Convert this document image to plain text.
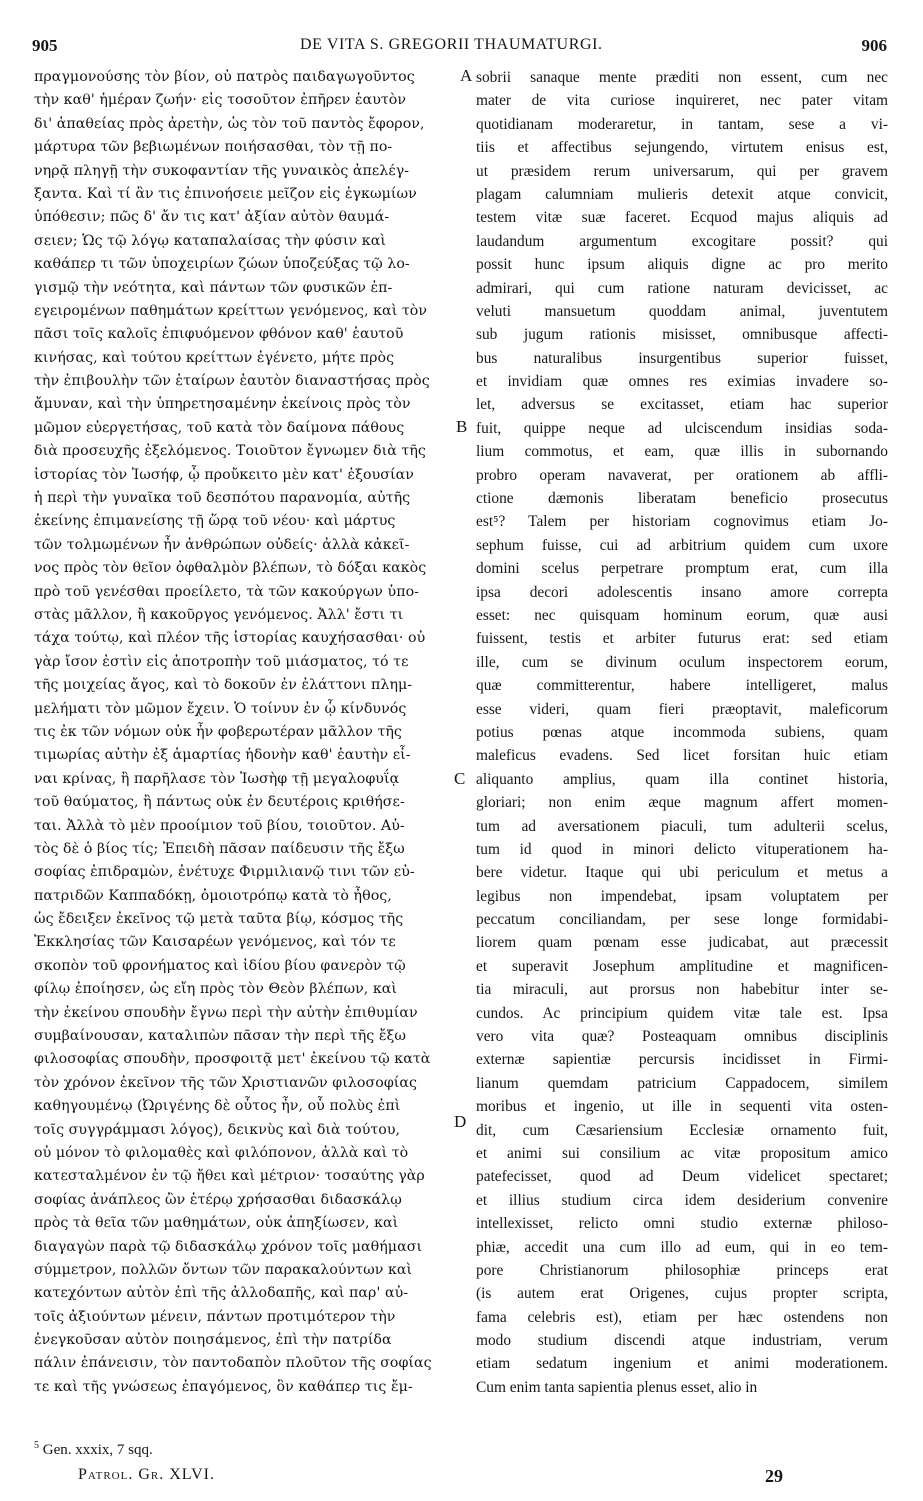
905	DE VITA S. GREGORII THAUMATURGI.	906
πραγμονούσης τὸν βίον, οὐ πατρὸς παιδαγωγοῦντος
τὴν καθ' ἡμέραν ζωήν· εἰς τοσοῦτον ἐπῆρεν ἑαυτὸν
δι' ἀπαθείας πρὸς ἀρετὴν, ὡς τὸν τοῦ παντὸς ἔφορον,
μάρτυρα τῶν βεβιωμένων ποιήσασθαι, τὸν τῇ πο-
νηρᾷ πληγῇ τὴν συκοφαντίαν τῆς γυναικὸς ἀπελέγ-
ξαντα. Καὶ τί ἂν τις ἐπινοήσειε μεῖζον εἰς ἐγκωμίων
ὑπόθεσιν; πῶς δ' ἄν τις κατ' ἀξίαν αὐτὸν θαυμά-
σειεν; Ὡς τῷ λόγῳ καταπαλαίσας τὴν φύσιν καὶ
καθάπερ τι τῶν ὑποχειρίων ζώων ὑποζεύξας τῷ λο-
γισμῷ τὴν νεότητα, καὶ πάντων τῶν φυσικῶν ἐπ-
εγειρομένων παθημάτων κρείττων γενόμενος, καὶ τὸν
πᾶσι τοῖς καλοῖς ἐπιφυόμενον φθόνον καθ' ἑαυτοῦ
κινήσας, καὶ τούτου κρείττων ἐγένετο, μήτε πρὸς
τὴν ἐπιβουλὴν τῶν ἑταίρων ἑαυτὸν διαναστήσας πρὸς
ἄμυναν, καὶ τὴν ὑπηρετησαμένην ἐκείνοις πρὸς τὸν
μῶμον εὐεργετήσας, τοῦ κατὰ τὸν δαίμονα πάθους
διὰ προσευχῆς ἐξελόμενος. Τοιοῦτον ἔγνωμεν διὰ τῆς
ἱστορίας τὸν Ἰωσήφ, ᾧ προὔκειτο μὲν κατ' ἐξουσίαν
ἡ περὶ τὴν γυναῖκα τοῦ δεσπότου παρανομία, αὐτῆς
ἐκείνης ἐπιμανείσης τῇ ὥρᾳ τοῦ νέου· καὶ μάρτυς
τῶν τολμωμένων ἦν ἀνθρώπων οὐδείς· ἀλλὰ κἀκεῖ-
νος πρὸς τὸν θεῖον ὀφθαλμὸν βλέπων, τὸ δόξαι κακὸς
πρὸ τοῦ γενέσθαι προείλετο, τὰ τῶν κακούργων ὑπο-
στὰς μᾶλλον, ἢ κακοῦργος γενόμενος. Ἀλλ' ἔστι τι
τάχα τούτῳ, καὶ πλέον τῆς ἱστορίας καυχήσασθαι· οὐ
γὰρ ἴσον ἐστὶν εἰς ἀποτροπὴν τοῦ μιάσματος, τό τε
τῆς μοιχείας ἄγος, καὶ τὸ δοκοῦν ἐν ἐλάττονι πλημ-
μελήματι τὸν μῶμον ἔχειν. Ὁ τοίνυν ἐν ᾧ κίνδυνός
τις ἐκ τῶν νόμων οὐκ ἦν φοβερωτέραν μᾶλλον τῆς
τιμωρίας αὐτὴν ἐξ ἁμαρτίας ἡδονὴν καθ' ἑαυτὴν εἶ-
ναι κρίνας, ἢ παρῆλασε τὸν Ἰωσὴφ τῇ μεγαλοφυΐᾳ
τοῦ θαύματος, ἢ πάντως οὐκ ἐν δευτέροις κριθήσε-
ται. Ἀλλὰ τὸ μὲν προοίμιον τοῦ βίου, τοιοῦτον. Αὐ-
τὸς δὲ ὁ βίος τίς; Ἐπειδὴ πᾶσαν παίδευσιν τῆς ἔξω
σοφίας ἐπιδραμὼν, ἐνέτυχε Φιρμιλιανῷ τινι τῶν εὐ-
πατριδῶν Καππαδόκῃ, ὁμοιοτρόπῳ κατὰ τὸ ἦθος,
ὡς ἔδειξεν ἐκεῖνος τῷ μετὰ ταῦτα βίῳ, κόσμος τῆς
Ἐκκλησίας τῶν Καισαρέων γενόμενος, καὶ τόν τε
σκοπὸν τοῦ φρονήματος καὶ ἰδίου βίου φανερὸν τῷ
φίλῳ ἐποίησεν, ὡς εἴη πρὸς τὸν Θεὸν βλέπων, καὶ
τὴν ἐκείνου σπουδὴν ἔγνω περὶ τὴν αὐτὴν ἐπιθυμίαν
συμβαίνουσαν, καταλιπὼν πᾶσαν τὴν περὶ τῆς ἔξω
φιλοσοφίας σπουδὴν, προσφοιτᾷ μετ' ἐκείνου τῷ κατὰ
τὸν χρόνον ἐκεῖνον τῆς τῶν Χριστιανῶν φιλοσοφίας
καθηγουμένῳ (Ὠριγένης δὲ οὗτος ἦν, οὗ πολὺς ἐπὶ
τοῖς συγγράμμασι λόγος), δεικνὺς καὶ διὰ τούτου,
οὐ μόνον τὸ φιλομαθὲς καὶ φιλόπονον, ἀλλὰ καὶ τὸ
κατεσταλμένον ἐν τῷ ἤθει καὶ μέτριον· τοσαύτης γὰρ
σοφίας ἀνάπλεος ὢν ἑτέρῳ χρήσασθαι διδασκάλῳ
πρὸς τὰ θεῖα τῶν μαθημάτων, οὐκ ἀπηξίωσεν, καὶ
διαγαγὼν παρὰ τῷ διδασκάλῳ χρόνον τοῖς μαθήμασι
σύμμετρον, πολλῶν ὄντων τῶν παρακαλούντων καὶ
κατεχόντων αὐτὸν ἐπὶ τῆς ἀλλοδαπῆς, καὶ παρ' αὐ-
τοῖς ἀξιούντων μένειν, πάντων προτιμότερον τὴν
ἐνεγκοῦσαν αὐτὸν ποιησάμενος, ἐπὶ τὴν πατρίδα
πάλιν ἐπάνεισιν, τὸν παντοδαπὸν πλοῦτον τῆς σοφίας
τε καὶ τῆς γνώσεως ἐπαγόμενος, ὃν καθάπερ τις ἔμ-
A
B
C
D
sobrii sanaque mente præditi non essent, cum nec
mater de vita curiose inquireret, nec pater vitam
quotidianam moderaretur, in tantam, sese a vi-
tiis et affectibus sejungendo, virtutem enisus est,
ut præsidem rerum universarum, qui per gravem
plagam calumniam mulieris detexit atque convicit,
testem vitæ suæ faceret. Ecquod majus aliquis ad
laudandum argumentum excogitare possit? qui
possit hunc ipsum aliquis digne ac pro merito
admirari, qui cum ratione naturam devicisset, ac
veluti mansuetum quoddam animal, juventutem
sub jugum rationis misisset, omnibusque affecti-
bus naturalibus insurgentibus superior fuisset,
et invidiam quæ omnes res eximias invadere so-
let, adversus se excitasset, etiam hac superior
fuit, quippe neque ad ulciscendum insidias soda-
lium commotus, et eam, quæ illis in subornando
probro operam navaverat, per orationem ab affli-
ctione dæmonis liberatam beneficio prosecutus
est⁵? Talem per historiam cognovimus etiam Jo-
sephum fuisse, cui ad arbitrium quidem cum uxore
domini scelus perpetrare promptum erat, cum illa
ipsa decori adolescentis insano amore correpta
esset: nec quisquam hominum eorum, quæ ausi
fuissent, testis et arbiter futurus erat: sed etiam
ille, cum se divinum oculum inspectorem eorum,
quæ committerentur, habere intelligeret, malus
esse videri, quam fieri præoptavit, maleficorum
potius pœnas atque incommoda subiens, quam
maleficus evadens. Sed licet forsitan huic etiam
aliquanto amplius, quam illa continet historia,
gloriari; non enim æque magnum affert momen-
tum ad aversationem piaculi, tum adulterii scelus,
tum id quod in minori delicto vituperationem ha-
bere videtur. Itaque qui ubi periculum et metus a
legibus non impendebat, ipsam voluptatem per
peccatum conciliandam, per sese longe formidabi-
liorem quam pœnam esse judicabat, aut præcessit
et superavit Josephum amplitudine et magnificen-
tia miraculi, aut prorsus non habebitur inter se-
cundos. Ac principium quidem vitæ tale est. Ipsa
vero vita quæ? Posteaquam omnibus disciplinis
externæ sapientiæ percursis incidisset in Firmi-
lianum quemdam patricium Cappadocem, similem
moribus et ingenio, ut ille in sequenti vita osten-
dit, cum Cæsariensium Ecclesiæ ornamento fuit,
et animi sui consilium ac vitæ propositum amico
patefecisset, quod ad Deum videlicet spectaret;
et illius studium circa idem desiderium convenire
intellexisset, relicto omni studio externæ philoso-
phiæ, accedit una cum illo ad eum, qui in eo tem-
pore Christianorum philosophiæ princeps erat
(is autem erat Origenes, cujus propter scripta,
fama celebris est), etiam per hæc ostendens non
modo studium discendi atque industriam, verum
etiam sedatum ingenium et animi moderationem.
Cum enim tanta sapientia plenus esset, alio in
$^5$ Gen. xxxix, 7 sqq.
Patrol. Gr. XLVI.	29
